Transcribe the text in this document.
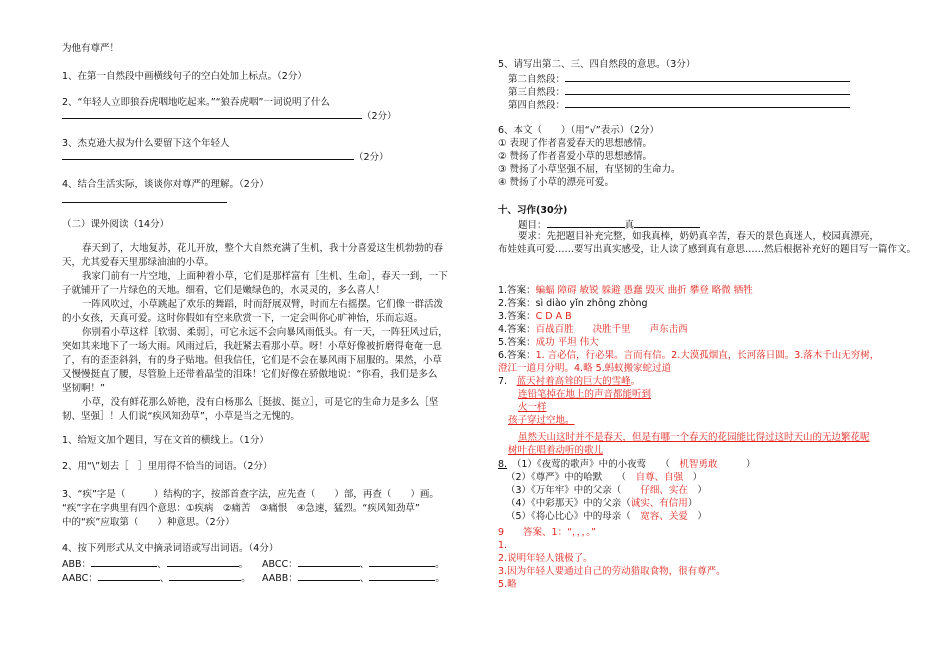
为他有尊严！
1、在第一自然段中画横线句子的空白处加上标点。（2分）
2、“年轻人立即狼吞虎咽地吃起来。”“狼吞虎咽”一词说明了什么
（2分）
3、杰克逊大叔为什么要留下这个年轻人
（2分）
4、结合生活实际，谈谈你对尊严的理解。（2分）
（二）课外阅读（14分）
春天到了，大地复苏，花儿开放，整个大自然充满了生机，我十分喜爱这生机勃勃的春
天，尤其爱春天里那绿油油的小草。
我家门前有一片空地，上面种着小草，它们是那样富有［生机、生命］，春天一到，一下
子就铺开了一片绿色的天地。细看，它们是嫩绿色的，水灵灵的，多么喜人！
一阵风吹过，小草跳起了欢乐的舞蹈，时而舒展双臂，时而左右摇摆。它们像一群活泼
的小女孩，天真可爱。这时你假如有空来欣赏一下，一定会叫你心旷神怡，乐而忘返。
你别看小草这样［软弱、柔弱］，可它永远不会向暴风雨低头。有一天，一阵狂风过后，
突如其来地下了一场大雨。风雨过后，我赶紧去看那小草。呀！小草好像被折磨得奄奄一息
了，有的歪歪斜斜，有的身子贴地。但我信任，它们是不会在暴风雨下屈服的。果然，小草
又慢慢挺直了腰，尽管脸上还带着晶莹的泪珠！它们好像在骄傲地说：“你看，我们是多么
坚韧啊！”
小草，没有鲜花那么娇艳，没有白杨那么［挺拔、挺立］，可是它的生命力是多么［坚
韧、坚强］！人们说“疾风知劲草”，小草是当之无愧的。
1、给短文加个题目，写在文首的横线上。（1分）
2、用“\”划去［　］里用得不恰当的词语。（2分）
3、“疾”字是（　　　）结构的字，按部首查字法，应先查（　　）部，再查（　　）画。
“疾”字在字典里有四个意思：①疾病　②痛苦　③痛恨　④急速，猛烈。“疾风知劲草”
中的“疾”应取第（　　）种意思。（2分）
4、按下列形式从文中摘录词语或写出词语。（4分）
ABB：	、	。 ABCC：	、	。
AABC：	、	。 AABB：	、	。
5、请写出第二、三、四自然段的意思。（3分）
第二自然段：
第三自然段：
第四自然段：
6、本文（　　）（用“√”表示）（2分）
① 表现了作者喜爱春天的思想感情。
② 赞扬了作者喜爱小草的思想感情。
③ 赞扬了小草坚强不屈，有坚韧的生命力。
④ 赞扬了小草的漂亮可爱。
十、习作(30分)
题目：	真
要求：先把题目补充完整，如我真棒，奶奶真辛苦，春天的景色真迷人，校园真漂亮，
布娃娃真可爱……要写出真实感受，让人读了感到真有意思……然后根据补充好的题目写一篇作文。
1.答案：蝙蝠 障碍 敏锐 躲避 愚蠢 毁灭 曲折 攀登 略微 牺牲
2.答案：sì diào yǐn zhōng zhòng
3.答案：C D A B
4.答案：百战百胜　　决胜千里　　声东击西
5.答案：成功 平坦 伟大
6.答案：1. 言必信，行必果。言而有信。2.大漠孤烟直，长河落日圆。3.落木千山无穷树，
澄江一道月分明。4.略 5.蚂蚁搬家蛇过道
7.　 蓝天衬着高耸的巨大的雪峰。
连铅笔掉在地上的声音都能听到
火一样
孩子穿过空地。
虽然天山这时并不是春天，但是有哪一个春天的花园能比得过这时天山的无边繁花呢
树叶在唱着动听的歌儿
8.　 （1）《夜莺的歌声》中的小夜莺　　（　 机智勇敢　　　	）
（2）《尊严》中的哈默　　（　 自尊、自强　 ）
（3）《万年牢》中的父亲（　　 仔细、实在　 ）
（4）《中彩那天》中的父亲（诚实、有信用）
（5）《将心比心》中的母亲（　 宽容、关爱　 ）
9　　答案、1：“，，，。”
1.
2.说明年轻人饿极了。
3.因为年轻人要通过自己的劳动猎取食物，很有尊严。
5.略
